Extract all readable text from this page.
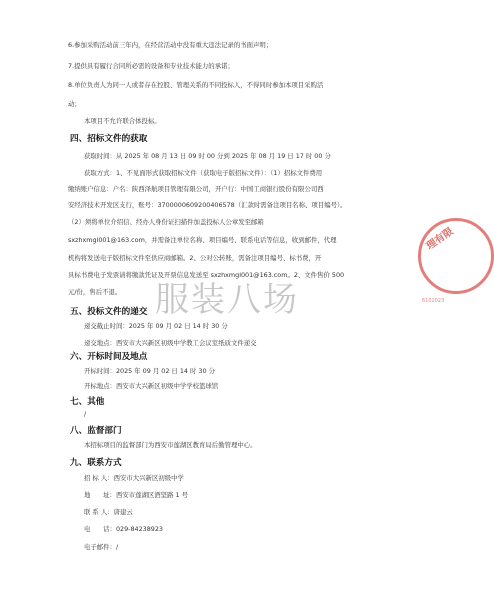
6.参加采购活动前三年内，在经营活动中没有重大违法记录的书面声明；
7.提供具有履行合同所必需的设备和专业技术能力的承诺；
8.单位负责人为同一人或者存在控股、管理关系的不同投标人，不得同时参加本项目采购活
动；
本项目不允许联合体投标。
四、招标文件的获取
获取时间：从 2025 年 08 月 13 日 09 时 00 分到 2025 年 08 月 19 日 17 时 00 分
获取方式：1、不见面形式获取招标文件（获取电子版招标文件）：（1）招标文件费用
缴纳账户信息：户名：陕西泽航项目管理有限公司，开户行：中国工商银行股份有限公司西
安经济技术开发区支行，账号：3700000609200406578（汇款时需备注项目名称、项目编号）。
（2）须将单位介绍信、经办人身份证扫描件加盖投标人公章发至邮箱
sxzhxmgl001@163.com，并需备注单位名称、项目编号、联系电话等信息，收到邮件，代理
机构将发送电子版招标文件至供应商邮箱。2、公对公转账，需备注项目编号、标书费，开
具标书费电子发票请将缴款凭证及开票信息发送至 sxzhxmgl001@163.com。2、文件售价 500
元/份，售后不退。
五、投标文件的递交
递交截止时间：2025 年 09 月 02 日 14 时 30 分
递交地点：西安市大兴新区初级中学教工会议室纸质文件递交
六、开标时间及地点
开标时间：2025 年 09 月 02 日 14 时 30 分
开标地点：西安市大兴新区初级中学学校篮球馆
七、其他
/
八、监督部门
本招标项目的监督部门为西安市莲湖区教育局后勤管理中心。
九、联系方式
招 标 人：西安市大兴新区初级中学
地　　址：西安市莲湖区酒坚路 1 号
联 系 人：唐建云
电　　话：029-84238923
电子邮件：/
服装八场
理有限
6102023
